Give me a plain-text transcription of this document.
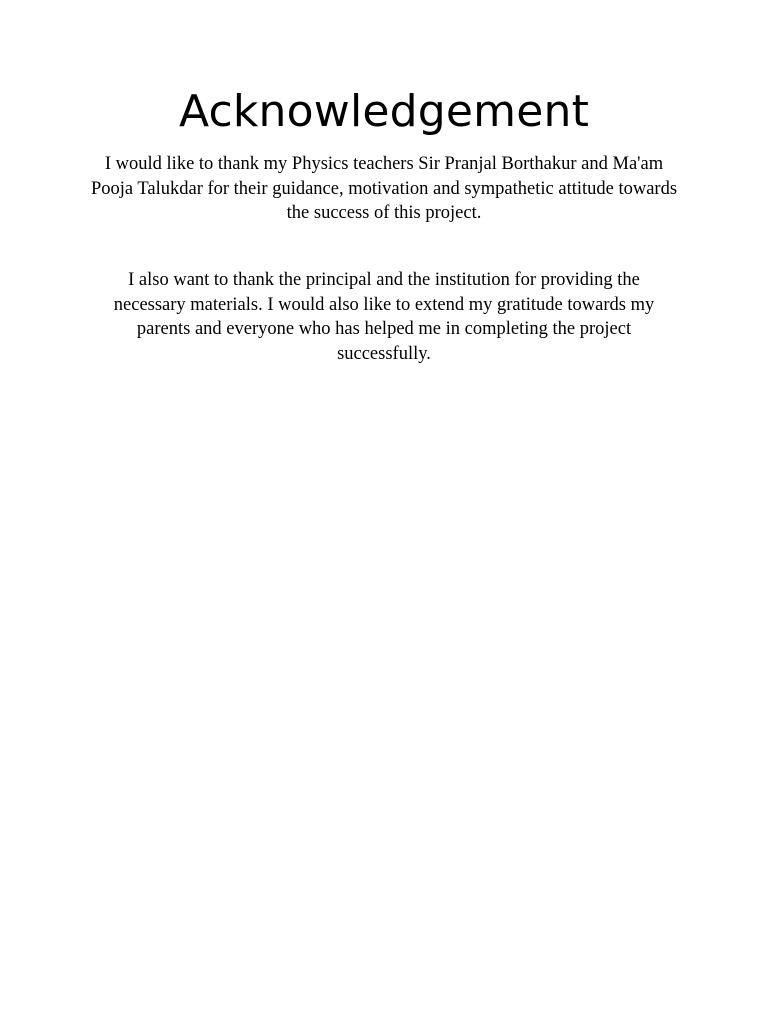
Acknowledgement

I would like to thank my Physics teachers Sir Pranjal Borthakur and Ma'am Pooja Talukdar for their guidance, motivation and sympathetic attitude towards the success of this project.

I also want to thank the principal and the institution for providing the necessary materials. I would also like to extend my gratitude towards my parents and everyone who has helped me in completing the project successfully.
